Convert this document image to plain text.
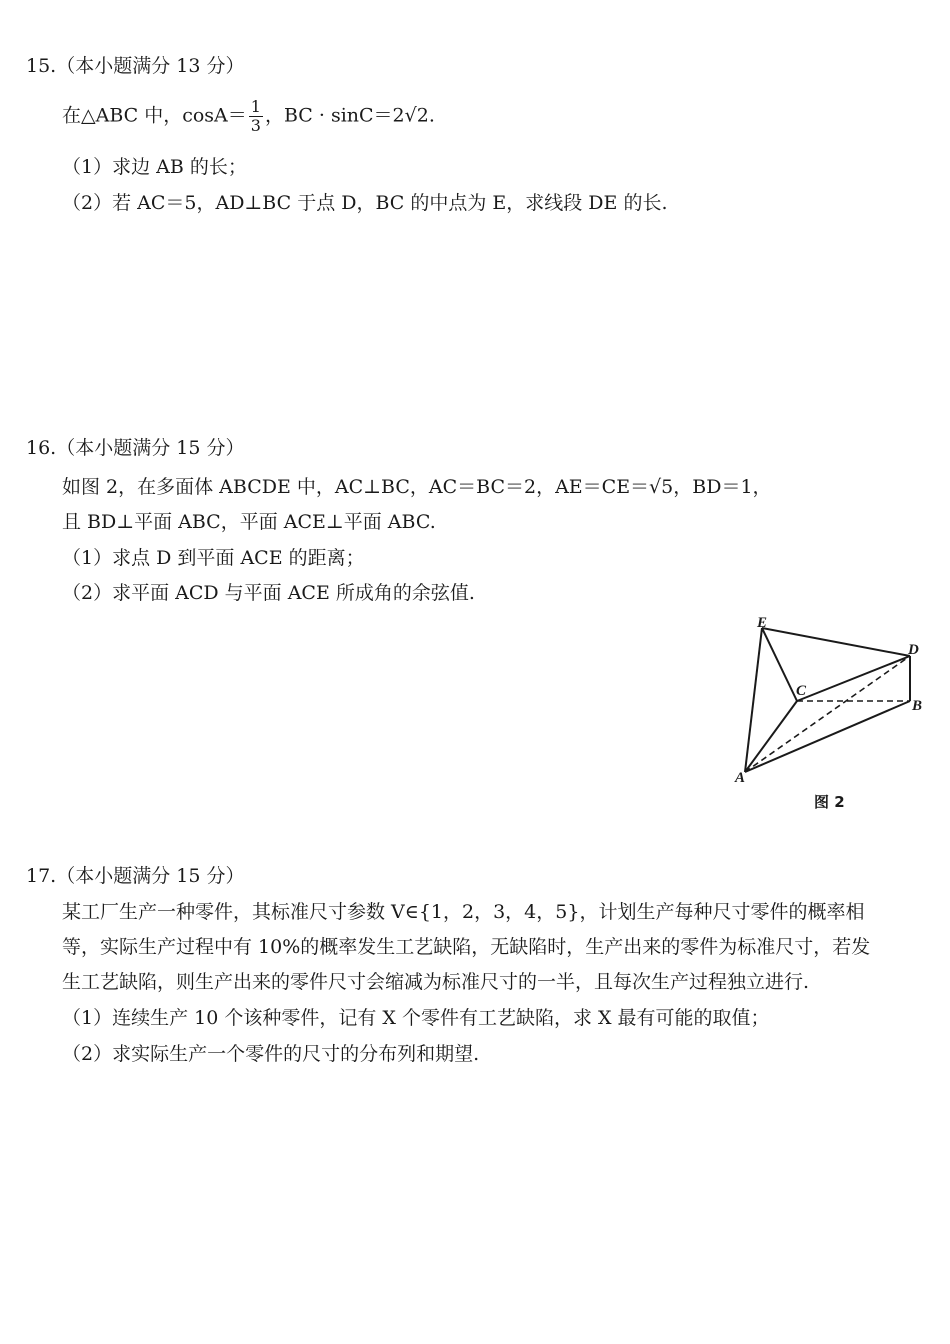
15.（本小题满分 13 分）
在△ABC 中，$\cos A= \frac{1}{3}$ ，BC · sinC＝2√2.
（1）求边 AB 的长；
（2）若 AC＝5，AD⊥BC 于点 D，BC 的中点为 E，求线段 DE 的长.
16.（本小题满分 15 分）
如图 2，在多面体 ABCDE 中，AC⊥BC，AC＝BC＝2，AE＝CE＝√5，BD＝1，
且 BD⊥平面 ABC，平面 ACE⊥平面 ABC.
（1）求点 D 到平面 ACE 的距离；
（2）求平面 ACD 与平面 ACE 所成角的余弦值.
E
D
C
B
A
图 2
17.（本小题满分 15 分）
某工厂生产一种零件，其标准尺寸参数 V∈{1，2，3，4，5}，计划生产每种尺寸零件的概率相
等，实际生产过程中有 10%的概率发生工艺缺陷，无缺陷时，生产出来的零件为标准尺寸，若发
生工艺缺陷，则生产出来的零件尺寸会缩减为标准尺寸的一半，且每次生产过程独立进行.
（1）连续生产 10 个该种零件，记有 X 个零件有工艺缺陷，求 X 最有可能的取值；
（2）求实际生产一个零件的尺寸的分布列和期望.
